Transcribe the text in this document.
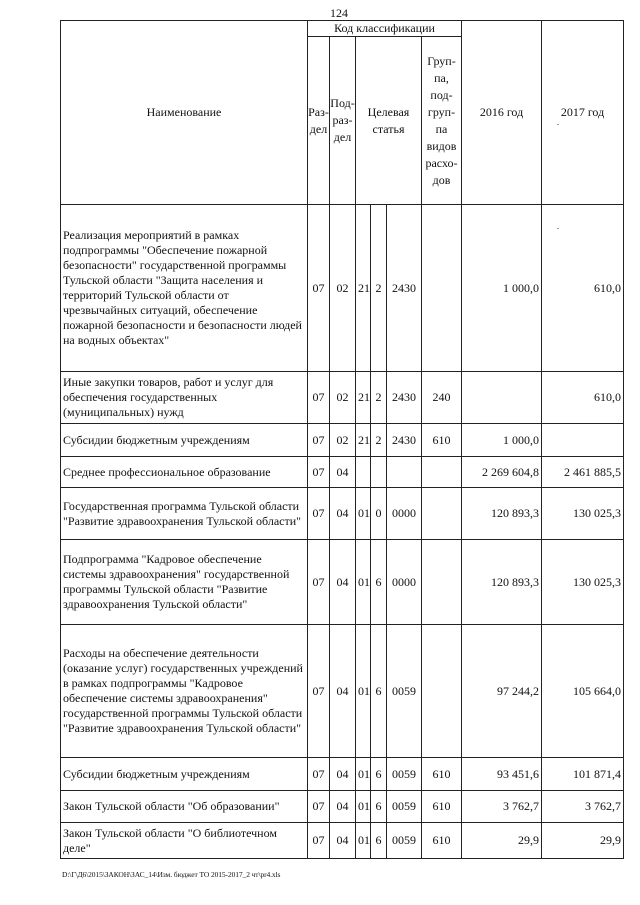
124
Наименование	Код классификации						2016 год	2017 год
	Раз-дел	Под-раз-дел	Целевая статья			Груп-па, под-груп-па видов расхо-дов		
Реализация мероприятий в рамках подпрограммы "Обеспечение пожарной безопасности" государственной программы Тульской области "Защита населения и территорий Тульской области от чрезвычайных ситуаций, обеспечение пожарной безопасности и безопасности людей на водных объектах"	07	02	21	2	2430		1 000,0	610,0
Иные закупки товаров, работ и услуг для обеспечения государственных (муниципальных) нужд	07	02	21	2	2430	240		610,0
Субсидии бюджетным учреждениям	07	02	21	2	2430	610	1 000,0	
Среднее профессиональное образование	07	04					2 269 604,8	2 461 885,5
Государственная программа Тульской области "Развитие здравоохранения Тульской области"	07	04	01	0	0000		120 893,3	130 025,3
Подпрограмма "Кадровое обеспечение системы здравоохранения" государственной программы Тульской области "Развитие здравоохранения Тульской области"	07	04	01	6	0000		120 893,3	130 025,3
Расходы на обеспечение деятельности (оказание услуг) государственных учреждений в рамках подпрограммы "Кадровое обеспечение системы здравоохранения" государственной программы Тульской области "Развитие здравоохранения Тульской области"	07	04	01	6	0059		97 244,2	105 664,0
Субсидии бюджетным учреждениям	07	04	01	6	0059	610	93 451,6	101 871,4
Закон Тульской области "Об образовании"	07	04	01	6	0059	610	3 762,7	3 762,7
Закон Тульской области "О библиотечном деле"	07	04	01	6	0059	610	29,9	29,9
D:\Г\Д6\2015\ЗАКОН\ЗАС_14\Изм. бюджет ТО 2015-2017_2 чт\pr4.xls
